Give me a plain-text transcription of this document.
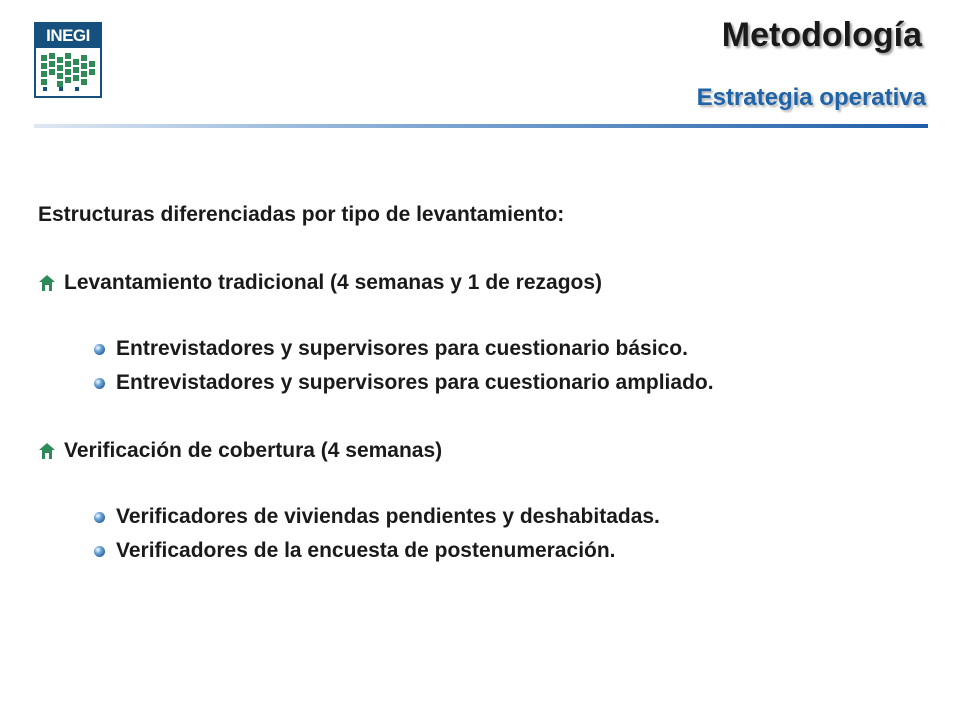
INEGI	Metodología
Estrategia operativa

Estructuras diferenciadas por tipo de levantamiento:

Levantamiento tradicional (4 semanas y 1 de rezagos)
Entrevistadores y supervisores para cuestionario básico.
Entrevistadores y supervisores para cuestionario ampliado.
Verificación de cobertura (4 semanas)
Verificadores de viviendas pendientes y deshabitadas.
Verificadores de la encuesta de postenumeración.
